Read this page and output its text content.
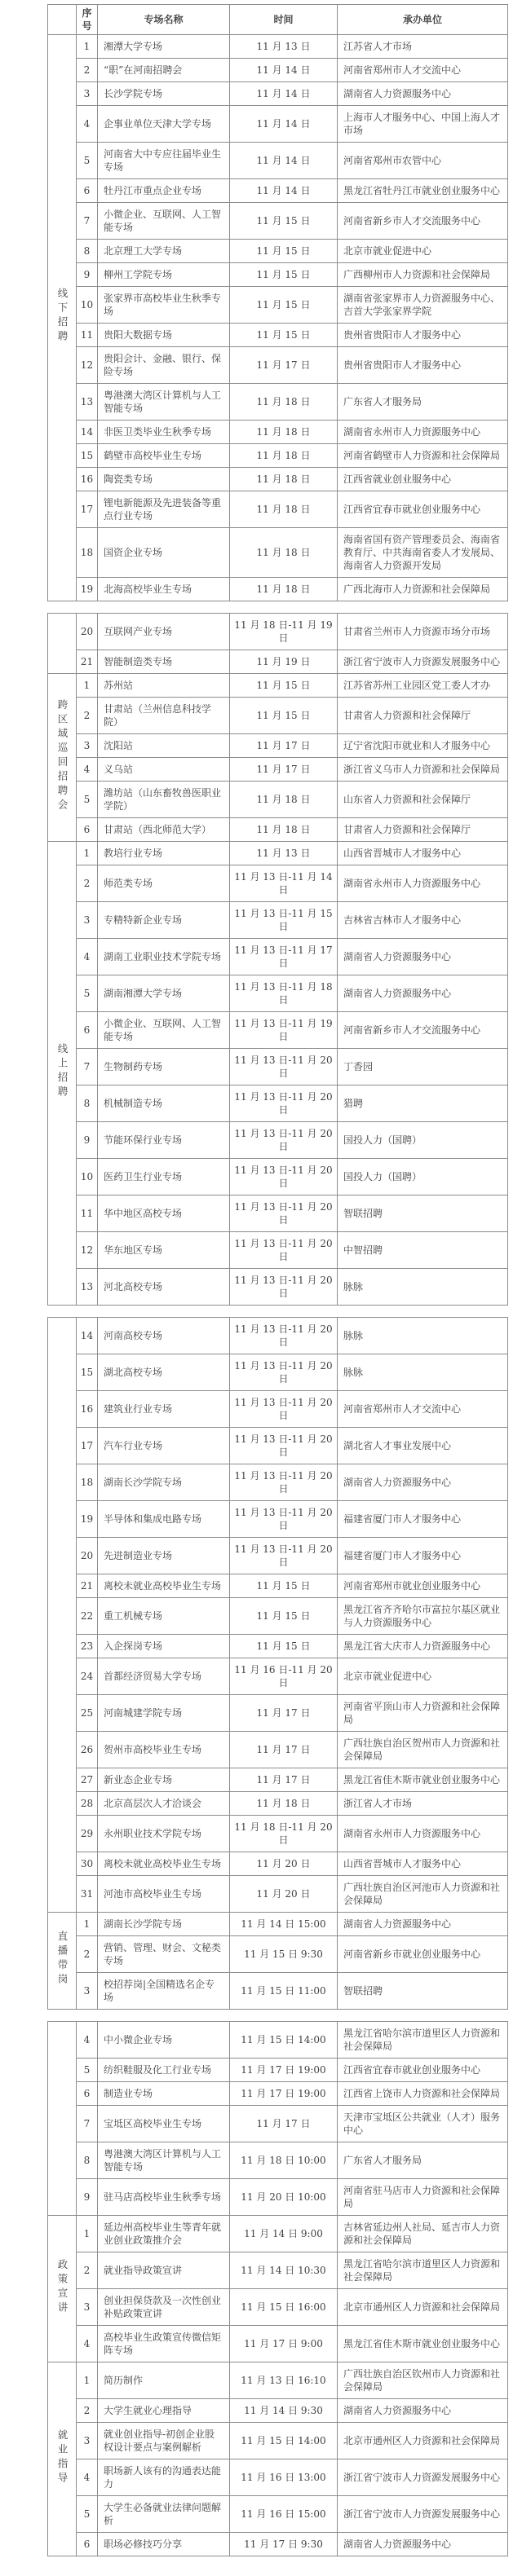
	序号	专场名称	时间	承办单位
线下招聘	1	湘潭大学专场	11 月 13 日	江苏省人才市场
	2	“职”在河南招聘会	11 月 14 日	河南省郑州市人才交流中心
	3	长沙学院专场	11 月 14 日	湖南省人力资源服务中心
	4	企事业单位天津大学专场	11 月 14 日	上海市人才服务中心、中国上海人才市场
	5	河南省大中专应往届毕业生专场	11 月 14 日	河南省郑州市农管中心
	6	牡丹江市重点企业专场	11 月 14 日	黑龙江省牡丹江市就业创业服务中心
	7	小微企业、互联网、人工智能专场	11 月 15 日	河南省新乡市人才交流服务中心
	8	北京理工大学专场	11 月 15 日	北京市就业促进中心
	9	柳州工学院专场	11 月 15 日	广西柳州市人力资源和社会保障局
	10	张家界市高校毕业生秋季专场	11 月 15 日	湖南省张家界市人力资源服务中心、吉首大学张家界学院
	11	贵阳大数据专场	11 月 15 日	贵州省贵阳市人才服务中心
	12	贵阳会计、金融、银行、保险专场	11 月 17 日	贵州省贵阳市人才服务中心
	13	粤港澳大湾区计算机与人工智能专场	11 月 18 日	广东省人才服务局
	14	非医卫类毕业生秋季专场	11 月 18 日	湖南省永州市人力资源服务中心
	15	鹤壁市高校毕业生专场	11 月 18 日	河南省鹤壁市人力资源和社会保障局
	16	陶瓷类专场	11 月 18 日	江西省就业创业服务中心
	17	锂电新能源及先进装备等重点行业专场	11 月 18 日	江西省宜春市就业创业服务中心
	18	国资企业专场	11 月 18 日	海南省国有资产管理委员会、海南省教育厅、中共海南省委人才发展局、海南省人力资源开发局
	19	北海高校毕业生专场	11 月 18 日	广西北海市人力资源和社会保障局
	20	互联网产业专场	11 月 18 日-11 月 19 日	甘肃省兰州市人力资源市场分市场
	21	智能制造类专场	11 月 19 日	浙江省宁波市人力资源发展服务中心
跨区域巡回招聘会	1	苏州站	11 月 15 日	江苏省苏州工业园区党工委人才办
	2	甘肃站（兰州信息科技学院）	11 月 15 日	甘肃省人力资源和社会保障厅
	3	沈阳站	11 月 17 日	辽宁省沈阳市就业和人才服务中心
	4	义乌站	11 月 17 日	浙江省义乌市人力资源和社会保障局
	5	潍坊站（山东畜牧兽医职业学院）	11 月 18 日	山东省人力资源和社会保障厅
	6	甘肃站（西北师范大学）	11 月 18 日	甘肃省人力资源和社会保障厅
线上招聘	1	教培行业专场	11 月 13 日	山西省晋城市人才服务中心
	2	师范类专场	11 月 13 日-11 月 14 日	湖南省永州市人力资源服务中心
	3	专精特新企业专场	11 月 13 日-11 月 15 日	吉林省吉林市人才服务中心
	4	湖南工业职业技术学院专场	11 月 13 日-11 月 17 日	湖南省人力资源服务中心
	5	湖南湘潭大学专场	11 月 13 日-11 月 18 日	湖南省人力资源服务中心
	6	小微企业、互联网、人工智能专场	11 月 13 日-11 月 19 日	河南省新乡市人才交流服务中心
	7	生物制药专场	11 月 13 日-11 月 20 日	丁香园
	8	机械制造专场	11 月 13 日-11 月 20 日	猎聘
	9	节能环保行业专场	11 月 13 日-11 月 20 日	国投人力（国聘）
	10	医药卫生行业专场	11 月 13 日-11 月 20 日	国投人力（国聘）
	11	华中地区高校专场	11 月 13 日-11 月 20 日	智联招聘
	12	华东地区专场	11 月 13 日-11 月 20 日	中智招聘
	13	河北高校专场	11 月 13 日-11 月 20 日	脉脉
	14	河南高校专场	11 月 13 日-11 月 20 日	脉脉
	15	湖北高校专场	11 月 13 日-11 月 20 日	脉脉
	16	建筑业行业专场	11 月 13 日-11 月 20 日	河南省郑州市人才交流中心
	17	汽车行业专场	11 月 13 日-11 月 20 日	湖北省人才事业发展中心
	18	湖南长沙学院专场	11 月 13 日-11 月 20 日	湖南省人力资源服务中心
	19	半导体和集成电路专场	11 月 13 日-11 月 20 日	福建省厦门市人才服务中心
	20	先进制造业专场	11 月 13 日-11 月 20 日	福建省厦门市人才服务中心
	21	离校未就业高校毕业生专场	11 月 15 日	河南省郑州市就业创业服务中心
	22	重工机械专场	11 月 15 日	黑龙江省齐齐哈尔市富拉尔基区就业与人力资源服务中心
	23	入企探岗专场	11 月 15 日	黑龙江省大庆市人力资源服务中心
	24	首都经济贸易大学专场	11 月 16 日-11 月 20 日	北京市就业促进中心
	25	河南城建学院专场	11 月 17 日	河南省平顶山市人力资源和社会保障局
	26	贺州市高校毕业生专场	11 月 17 日	广西壮族自治区贺州市人力资源和社会保障局
	27	新业态企业专场	11 月 17 日	黑龙江省佳木斯市就业创业服务中心
	28	北京高层次人才洽谈会	11 月 18 日	浙江省人才市场
	29	永州职业技术学院专场	11 月 18 日-11 月 20 日	湖南省永州市人力资源服务中心
	30	离校未就业高校毕业生专场	11 月 20 日	山西省晋城市人才服务中心
	31	河池市高校毕业生专场	11 月 20 日	广西壮族自治区河池市人力资源和社会保障局
直播带岗	1	湖南长沙学院专场	11 月 14 日 15:00	湖南省人力资源服务中心
	2	营销、管理、财会、文秘类专场	11 月 15 日 9:30	河南省新乡市就业创业服务中心
	3	校招荐岗|全国精选名企专场	11 月 15 日 11:00	智联招聘
	4	中小微企业专场	11 月 15 日 14:00	黑龙江省哈尔滨市道里区人力资源和社会保障局
	5	纺织鞋服及化工行业专场	11 月 17 日 19:00	江西省宜春市就业创业服务中心
	6	制造业专场	11 月 17 日 19:00	江西省上饶市人力资源和社会保障局
	7	宝坻区高校毕业生专场	11 月 17 日	天津市宝坻区公共就业（人才）服务中心
	8	粤港澳大湾区计算机与人工智能专场	11 月 18 日 10:00	广东省人才服务局
	9	驻马店高校毕业生秋季专场	11 月 20 日 10:00	河南省驻马店市人力资源和社会保障局
政策宣讲	1	延边州高校毕业生等青年就业创业政策推介会	11 月 14 日 9:00	吉林省延边州人社局、延吉市人力资源和社会保障局
	2	就业指导政策宣讲	11 月 14 日 10:30	黑龙江省哈尔滨市道里区人力资源和社会保障局
	3	创业担保贷款及一次性创业补贴政策宣讲	11 月 15 日 16:00	北京市通州区人力资源和社会保障局
	4	高校毕业生政策宣传微信矩阵专场	11 月 17 日 9:00	黑龙江省佳木斯市就业创业服务中心
就业指导	1	简历制作	11 月 13 日 16:10	广西壮族自治区钦州市人力资源和社会保障局
	2	大学生就业心理指导	11 月 14 日 9:30	湖南省人力资源服务中心
	3	就业创业指导-初创企业股权设计要点与案例解析	11 月 15 日 14:00	北京市通州区人力资源和社会保障局
	4	职场新人该有的沟通表达能力	11 月 16 日 13:00	浙江省宁波市人力资源发展服务中心
	5	大学生必备就业法律问题解析	11 月 16 日 15:00	浙江省宁波市人力资源发展服务中心
	6	职场必修技巧分享	11 月 17 日 9:30	湖南省人力资源服务中心
